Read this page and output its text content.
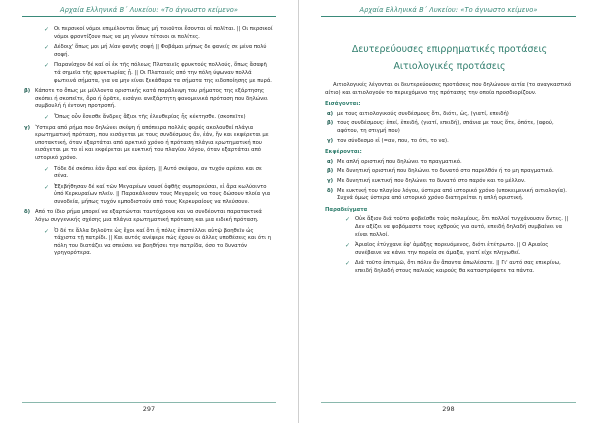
Αρχαία Ελληνικά Β΄ Λυκείου: «Το άγνωστο κείμενο»
✓ Οι περσικοί νόμοι επιμέλονται ὅπως μή τοιοῦτοι ἔσονται οἱ πολῖται. || Οι περσικοί νόμοι φροντίζουν πως να μη γίνουν τέτοιοι οι πολίτες.
✓ Δέδοιχ' ὅπως μοι μή λίαν φανῆς σοφή || Φοβάμαι μήπως δε φανείς σε μένα πολύ σοφή.
✓ Παρανίσχον δέ καί οἱ ἐκ τῆς πόλεως Πλαταιεῖς φρυκτούς πολλούς, ὅπως ἄσαφῆ τά σημεῖα τῆς φρυκτωρίας ᾖ. || Οι Πλαταιείς από την πόλη ύψωναν πολλά φωτεινά σήματα, για να μην είναι ξεκάθαρα τα σήματα της ειδοποίησης με πυρά.
β) Κάποτε το ὅπως με μέλλοντα οριστικής κατά παράλειψη του ρήματος της εξάρτησης σκόπει ή σκοπεῖτε, ὅρα ή ὁρᾶτε, εισάγει ανεξάρτητη φανομενικά πρόταση που δηλώνει συμβουλή ή έντονη προτροπή.
✓ Ὅπως οὖν ἔσεσθε ἄνδρες ἄξιοι τῆς ἐλευθερίας ἧς κέκτησθε. (σκοπεῖτε)
γ) Ύστερα από ρήμα που δηλώνει σκέψη ή απόπειρα πολλές φορές ακολουθεί πλάγια ερωτηματική πρόταση, που εισάγεται με τους συνδέσμους ἄν, ἐάν, ἤν και εκφέρεται με υποτακτική, όταν εξαρτάται από αρκτικό χρόνο ή πρόταση πλάγια ερωτηματική που εισάγεται με το εἰ και εκφέρεται με ευκτική του πλαγίου λόγου, όταν εξαρτάται από ιστορικό χρόνο.
✓ Τόδε δέ σκόπει ἐάν ἄρα καί σοι ἀρέσῃ. || Αυτό σκέψου, αν τυχόν αρέσει και σε σένα.
✓ Ἐξεβήθησαν δέ καί τῶν Μεγαρέων ναυσί ὀφθῆς συμπορεύσαι, εἰ ἄρα κωλύοιντο ὑπό Κερκυραίων πλεῖν. || Παρακάλεσαν τους Μεγαρείς να τους δώσουν πλοία για συνοδεία, μήπως τυχόν εμποδιστούν από τους Κερκυραίους να πλεύσουν.
δ) Από το ίδιο ρήμα μπορεί να εξαρτώνται ταυτόχρονα και να συνδέονται παρατακτικά λόγω συγγενικής σχέσης μια πλάγια ερωτηματική πρόταση και μια ειδική πρόταση.
✓ Ὁ δέ τε ἄλλα δηλοῦτε ὡς ἔχοι καί ὅτι ἡ πόλις ἐπιστέλλοι αὐτῷ βοηθεῖν ὡς τάχιστα τῇ πατρίδι. || Και αυτός ανέφερε πώς έχουν οι άλλες υποθέσεις και ότι η πόλη του διατάζει να σπεύσει να βοηθήσει την πατρίδα, όσο το δυνατόν γρηγορότερα.
297
Αρχαία Ελληνικά Β΄ Λυκείου: «Το άγνωστο κείμενο»
Δευτερεύουσες επιρρηματικές προτάσεις
Αιτιολογικές προτάσεις
Αιτιολογικές λέγονται οι δευτερεύουσες προτάσεις που δηλώνουν αιτία (το αναγκαστικό αίτιο) και αιτιολογούν το περιεχόμενο της πρότασης την οποία προσδιορίζουν.
Εισάγονται:
α) με τους αιτιολογικούς συνδέσμους ὅτι, διότι, ὡς, (γιατί, επειδή)
β) τους συνδέσμους: ἐπεί, ἐπειδή, (γιατί, επειδή), σπάνια με τους ὅτε, ὁπότε, (αφού, αφότου, τη στιγμή που)
γ) τον σύνδεσμο εἰ (=αν, που, το ότι, το να).
Εκφέρονται:
α) Με απλή οριστική που δηλώνει το πραγματικό.
β) Με δυνητική οριστική που δηλώνει το δυνατό στο παρελθόν ή το μη πραγματικό.
γ) Με δυνητική ευκτική που δηλώνει το δυνατό στο παρόν και το μέλλον.
δ) Με ευκτική του πλαγίου λόγου, ύστερα από ιστορικό χρόνο (υποκειμενική αιτιολογία). Συχνά όμως ύστερα από ιστορικό χρόνο διατηρείται η απλή οριστική.
Παραδείγματα
✓ Οὐκ ἄξιον διά τοῦτο φοβεῖσθε τοὺς πολεμίους, ὅτι πολλοί τυγχάνουσιν ὄντες. || Δεν αξίζει να φοβόμαστε τους εχθρούς για αυτό, επειδή δηλαδή συμβαίνει να είναι πολλοί.
✓ Ἀριαῖος ἐτύγχανε ἐφ' ἁμάξης πορευόμενος, διότι ἐτέτρωτο. || Ο Αριαίος συνέβαινε να κάνει την πορεία σε άμαξα, γιατί είχε πληγωθεί.
✓ Διά τοῦτο ἐπιτιμῶ, ὅτι πόλιν ἄν ἅπαντα ἀπωλέσατε. || Γι' αυτό σας επικρίνω, επειδή δηλαδή στους παλιούς καιρούς θα καταστρέφατε τα πάντα.
298
